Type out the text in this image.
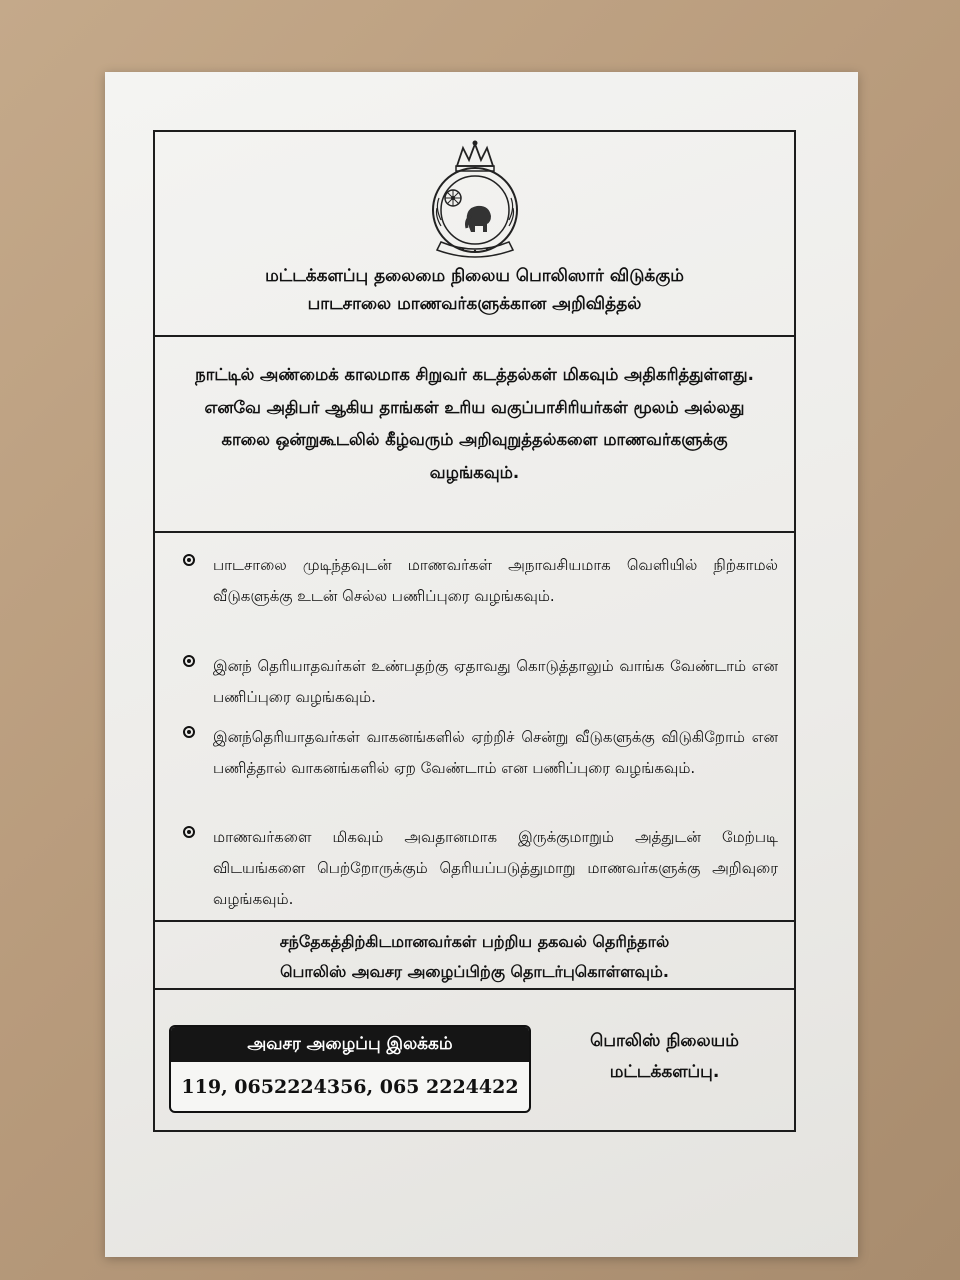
மட்டக்களப்பு தலைமை நிலைய பொலிஸார் விடுக்கும்
பாடசாலை மாணவர்களுக்கான அறிவித்தல்

நாட்டில் அண்மைக் காலமாக சிறுவர் கடத்தல்கள் மிகவும் அதிகரித்துள்ளது. எனவே அதிபர் ஆகிய தாங்கள் உரிய வகுப்பாசிரியர்கள் மூலம் அல்லது காலை ஒன்றுகூடலில் கீழ்வரும் அறிவுறுத்தல்களை மாணவர்களுக்கு வழங்கவும்.

பாடசாலை முடிந்தவுடன் மாணவர்கள் அநாவசியமாக வெளியில் நிற்காமல் வீடுகளுக்கு உடன் செல்ல பணிப்புரை வழங்கவும்.
இனந் தெரியாதவர்கள் உண்பதற்கு ஏதாவது கொடுத்தாலும் வாங்க வேண்டாம் என பணிப்புரை வழங்கவும்.
இனந்தெரியாதவர்கள் வாகனங்களில் ஏற்றிச் சென்று வீடுகளுக்கு விடுகிறோம் என பணித்தால் வாகனங்களில் ஏற வேண்டாம் என பணிப்புரை வழங்கவும்.
மாணவர்களை மிகவும் அவதானமாக இருக்குமாறும் அத்துடன் மேற்படி விடயங்களை பெற்றோருக்கும் தெரியப்படுத்துமாறு மாணவர்களுக்கு அறிவுரை வழங்கவும்.

சந்தேகத்திற்கிடமானவர்கள் பற்றிய தகவல் தெரிந்தால்
பொலிஸ் அவசர அழைப்பிற்கு தொடர்புகொள்ளவும்.

அவசர அழைப்பு இலக்கம்
119, 0652224356, 065 2224422
பொலிஸ் நிலையம்
மட்டக்களப்பு.
